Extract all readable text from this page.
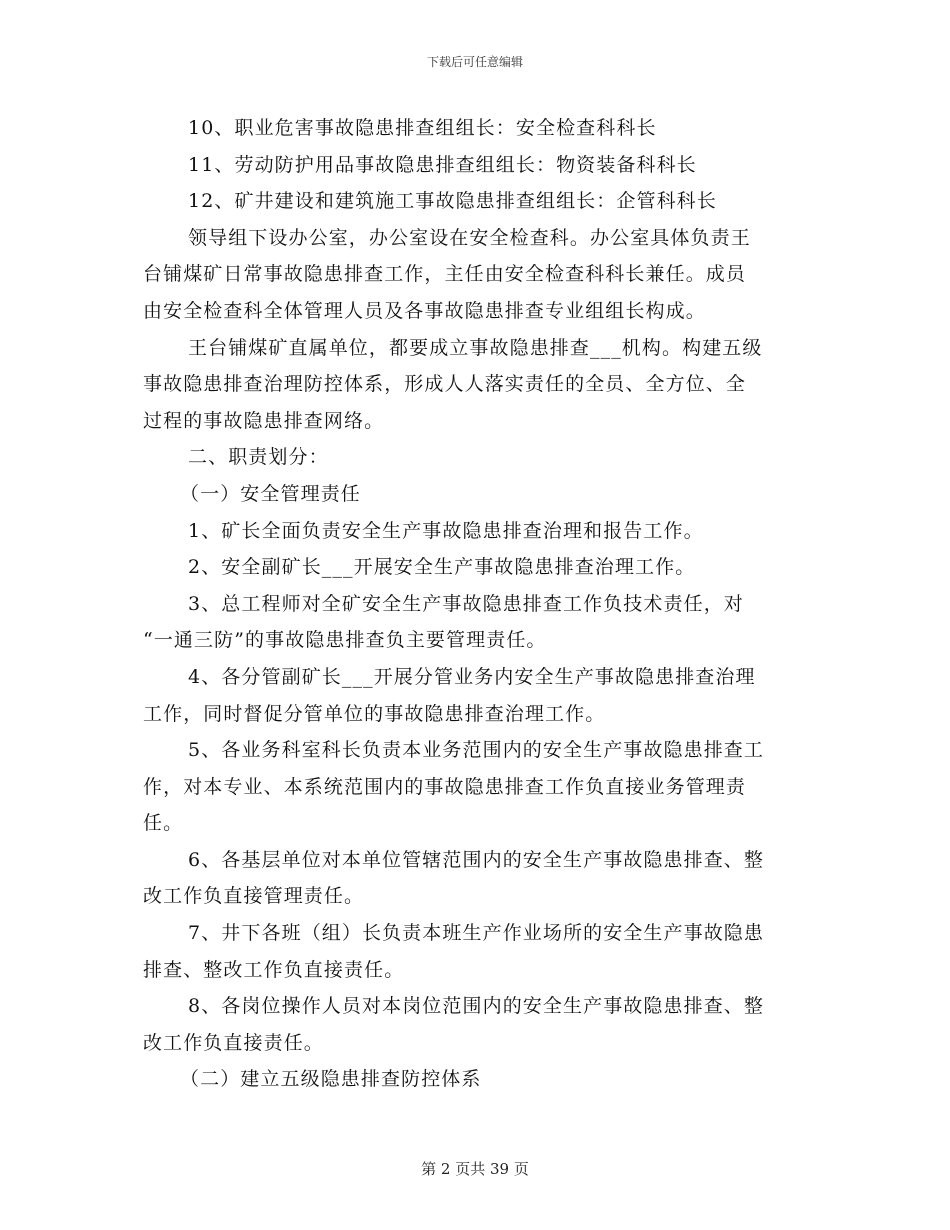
下载后可任意编辑
10、职业危害事故隐患排查组组长：安全检查科科长
11、劳动防护用品事故隐患排查组组长：物资装备科科长
12、矿井建设和建筑施工事故隐患排查组组长：企管科科长
领导组下设办公室，办公室设在安全检查科。办公室具体负责王
台铺煤矿日常事故隐患排查工作，主任由安全检查科科长兼任。成员
由安全检查科全体管理人员及各事故隐患排查专业组组长构成。
王台铺煤矿直属单位，都要成立事故隐患排查___机构。构建五级
事故隐患排查治理防控体系，形成人人落实责任的全员、全方位、全
过程的事故隐患排查网络。
二、职责划分：
（一）安全管理责任
1、矿长全面负责安全生产事故隐患排查治理和报告工作。
2、安全副矿长___开展安全生产事故隐患排查治理工作。
3、总工程师对全矿安全生产事故隐患排查工作负技术责任，对
“一通三防”的事故隐患排查负主要管理责任。
4、各分管副矿长___开展分管业务内安全生产事故隐患排查治理
工作，同时督促分管单位的事故隐患排查治理工作。
5、各业务科室科长负责本业务范围内的安全生产事故隐患排查工
作，对本专业、本系统范围内的事故隐患排查工作负直接业务管理责
任。
6、各基层单位对本单位管辖范围内的安全生产事故隐患排查、整
改工作负直接管理责任。
7、井下各班（组）长负责本班生产作业场所的安全生产事故隐患
排查、整改工作负直接责任。
8、各岗位操作人员对本岗位范围内的安全生产事故隐患排查、整
改工作负直接责任。
（二）建立五级隐患排查防控体系
第 2 页共 39 页
